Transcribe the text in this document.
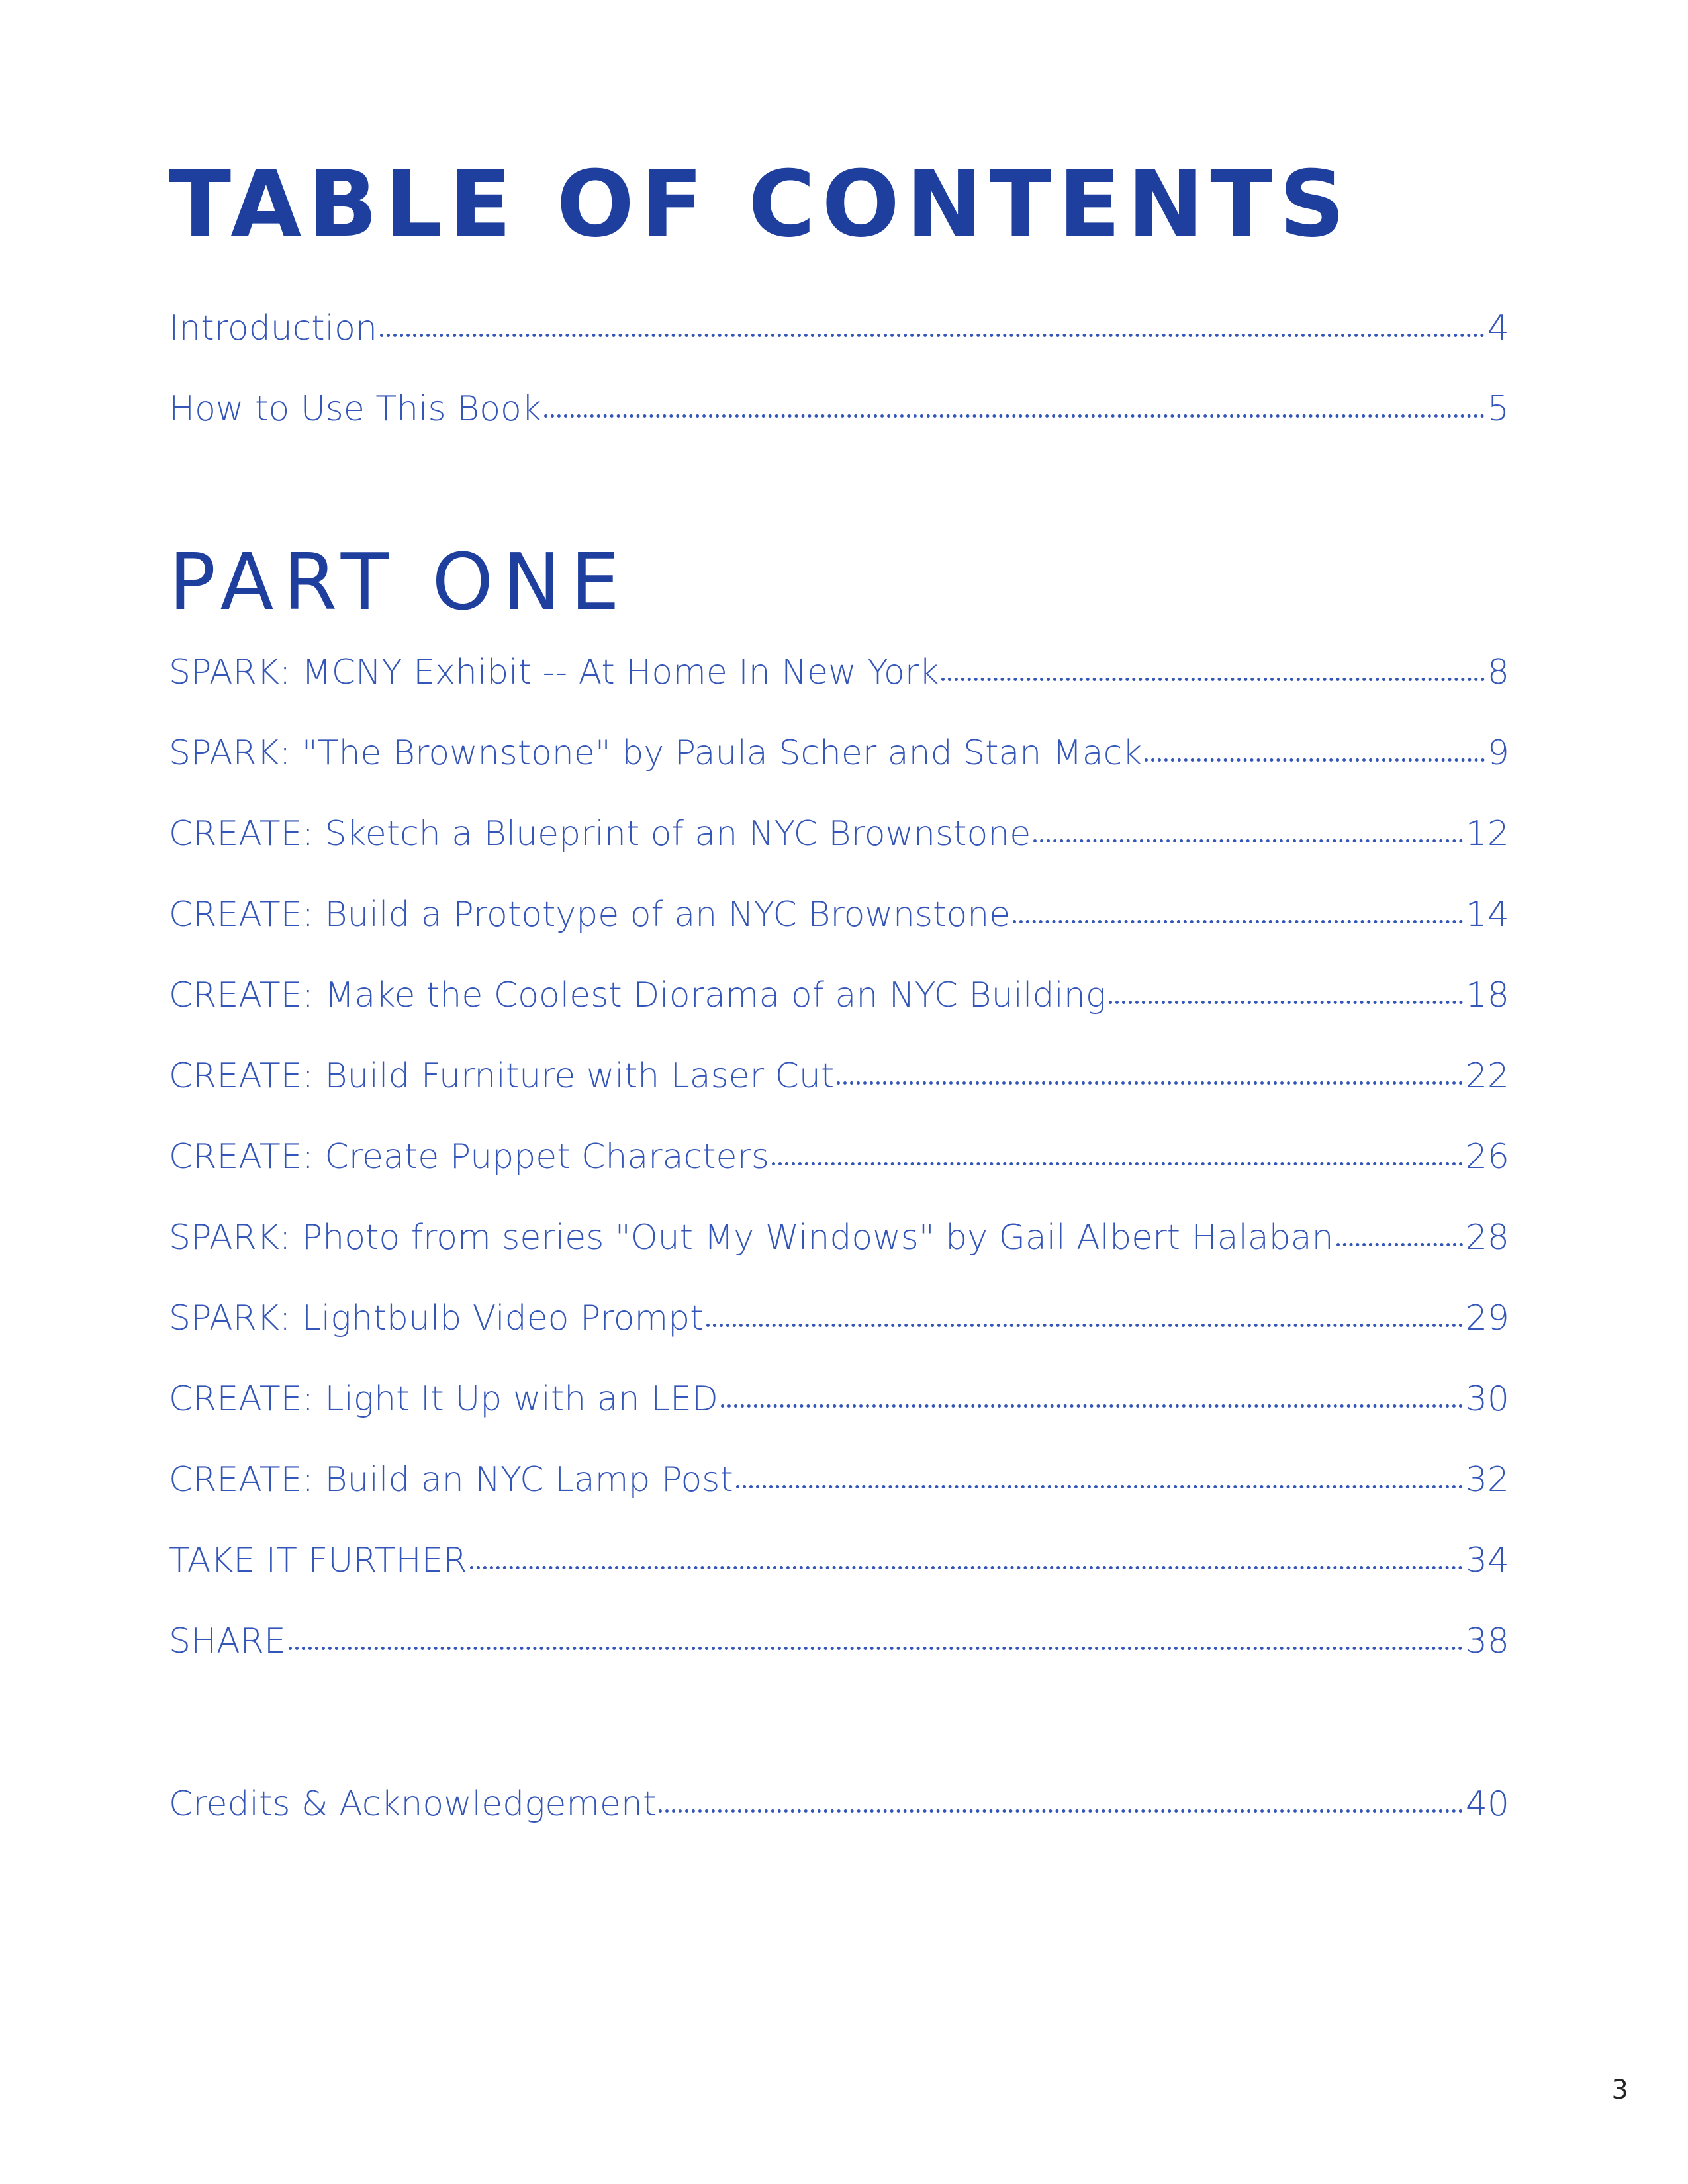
TABLE OF CONTENTS
Introduction	4
How to Use This Book	5
PART ONE
SPARK: MCNY Exhibit -- At Home In New York	8
SPARK: "The Brownstone" by Paula Scher and Stan Mack	9
CREATE: Sketch a Blueprint of an NYC Brownstone	12
CREATE: Build a Prototype of an NYC Brownstone	14
CREATE: Make the Coolest Diorama of an NYC Building	18
CREATE: Build Furniture with Laser Cut	22
CREATE: Create Puppet Characters	26
SPARK: Photo from series "Out My Windows" by Gail Albert Halaban	28
SPARK: Lightbulb Video Prompt	29
CREATE: Light It Up with an LED	30
CREATE: Build an NYC Lamp Post	32
TAKE IT FURTHER	34
SHARE	38
Credits & Acknowledgement	40
3
